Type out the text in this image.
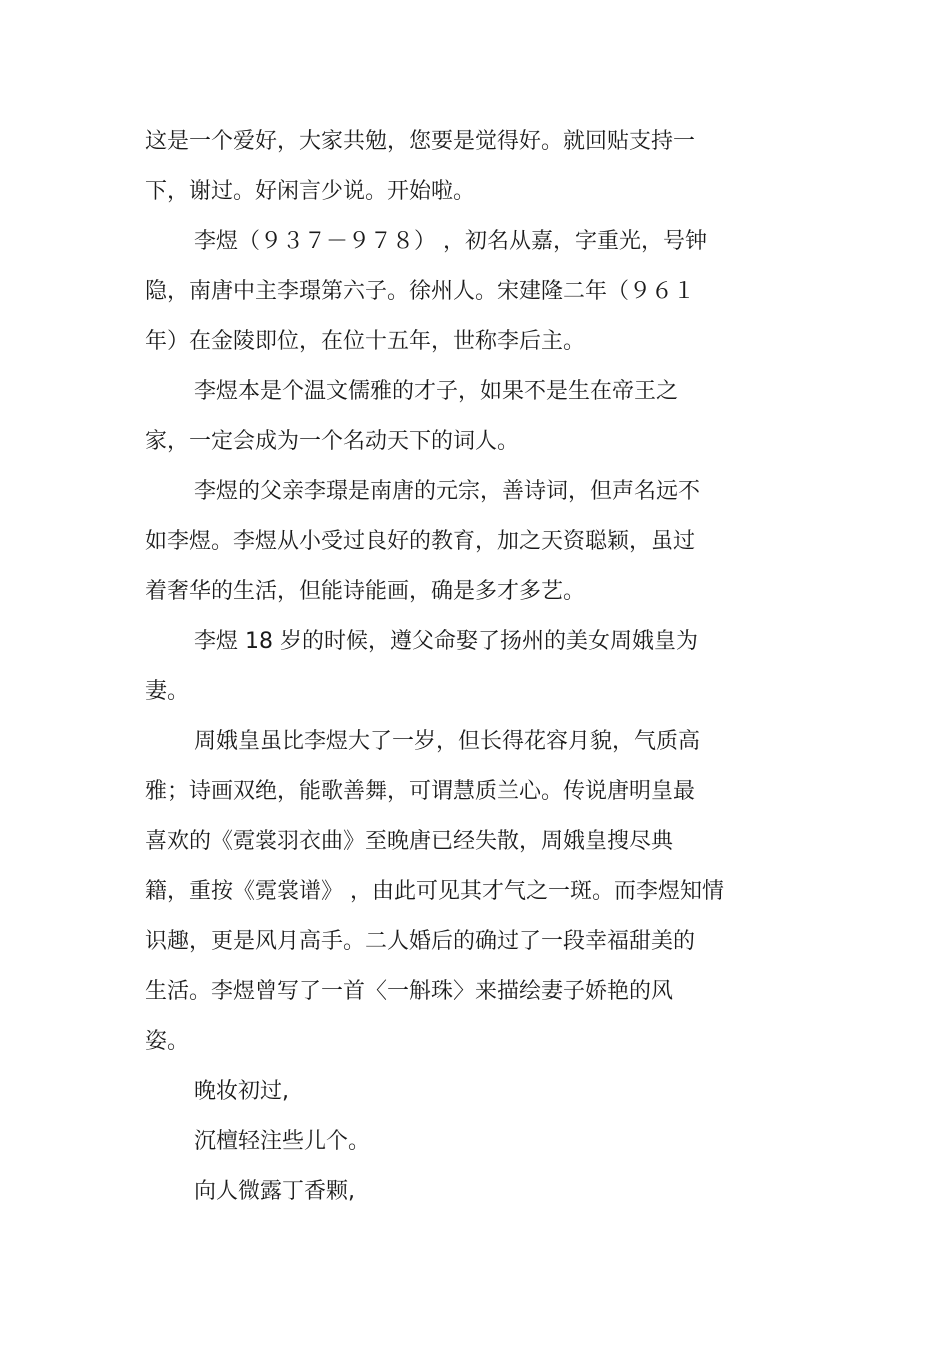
这是一个爱好，大家共勉，您要是觉得好。就回贴支持一
下，谢过。好闲言少说。开始啦。
李煜（９３７－９７８） ，初名从嘉，字重光，号钟
隐，南唐中主李璟第六子。徐州人。宋建隆二年（９６１
年）在金陵即位，在位十五年，世称李后主。
李煜本是个温文儒雅的才子，如果不是生在帝王之
家，一定会成为一个名动天下的词人。
李煜的父亲李璟是南唐的元宗，善诗词，但声名远不
如李煜。李煜从小受过良好的教育，加之天资聪颖，虽过
着奢华的生活，但能诗能画，确是多才多艺。
李煜 18 岁的时候，遵父命娶了扬州的美女周娥皇为
妻。
周娥皇虽比李煜大了一岁，但长得花容月貌，气质高
雅；诗画双绝，能歌善舞，可谓慧质兰心。传说唐明皇最
喜欢的《霓裳羽衣曲》至晚唐已经失散，周娥皇搜尽典
籍，重按《霓裳谱》 ，由此可见其才气之一斑。而李煜知情
识趣，更是风月高手。二人婚后的确过了一段幸福甜美的
生活。李煜曾写了一首〈一斛珠〉来描绘妻子娇艳的风
姿。
晚妆初过,
沉檀轻注些儿个。
向人微露丁香颗,
